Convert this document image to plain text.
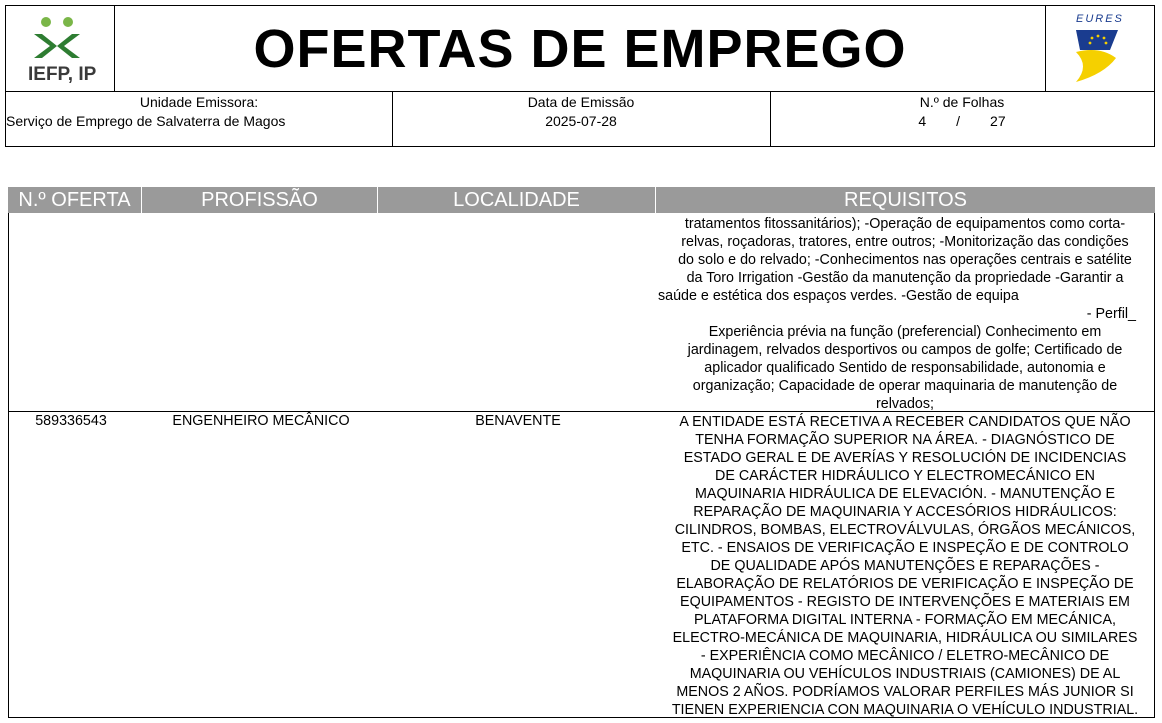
IEFP, IP	OFERTAS DE EMPREGO	EURES
Unidade Emissora:
Serviço de Emprego de Salvaterra de Magos
Data de Emissão
2025-07-28
N.º de Folhas
4 / 27
N.º OFERTA	PROFISSÃO	LOCALIDADE	REQUISITOS
tratamentos fitossanitários); -Operação de equipamentos como corta-
relvas, roçadoras, tratores, entre outros; -Monitorização das condições
do solo e do relvado; -Conhecimentos nas operações centrais e satélite
da Toro Irrigation -Gestão da manutenção da propriedade -Garantir a
saúde e estética dos espaços verdes. -Gestão de equipa
- Perfil_
Experiência prévia na função (preferencial) Conhecimento em
jardinagem, relvados desportivos ou campos de golfe; Certificado de
aplicador qualificado Sentido de responsabilidade, autonomia e
organização; Capacidade de operar maquinaria de manutenção de
relvados;
589336543	ENGENHEIRO MECÂNICO	BENAVENTE	A ENTIDADE ESTÁ RECETIVA A RECEBER CANDIDATOS QUE NÃO
TENHA FORMAÇÃO SUPERIOR NA ÁREA. - DIAGNÓSTICO DE
ESTADO GERAL E DE AVERÍAS Y RESOLUCIÓN DE INCIDENCIAS
DE CARÁCTER HIDRÁULICO Y ELECTROMECÁNICO EN
MAQUINARIA HIDRÁULICA DE ELEVACIÓN. - MANUTENÇÃO E
REPARAÇÃO DE MAQUINARIA Y ACCESÓRIOS HIDRÁULICOS:
CILINDROS, BOMBAS, ELECTROVÁLVULAS, ÓRGÃOS MECÁNICOS,
ETC. - ENSAIOS DE VERIFICAÇÃO E INSPEÇÃO E DE CONTROLO
DE QUALIDADE APÓS MANUTENÇÕES E REPARAÇÕES -
ELABORAÇÃO DE RELATÓRIOS DE VERIFICAÇÃO E INSPEÇÃO DE
EQUIPAMENTOS - REGISTO DE INTERVENÇÕES E MATERIAIS EM
PLATAFORMA DIGITAL INTERNA - FORMAÇÃO EM MECÁNICA,
ELECTRO-MECÁNICA DE MAQUINARIA, HIDRÁULICA OU SIMILARES
- EXPERIÊNCIA COMO MECÂNICO / ELETRO-MECÂNICO DE
MAQUINARIA OU VEHÍCULOS INDUSTRIAIS (CAMIONES) DE AL
MENOS 2 AÑOS. PODRÍAMOS VALORAR PERFILES MÁS JUNIOR SI
TIENEN EXPERIENCIA CON MAQUINARIA O VEHÍCULO INDUSTRIAL.
